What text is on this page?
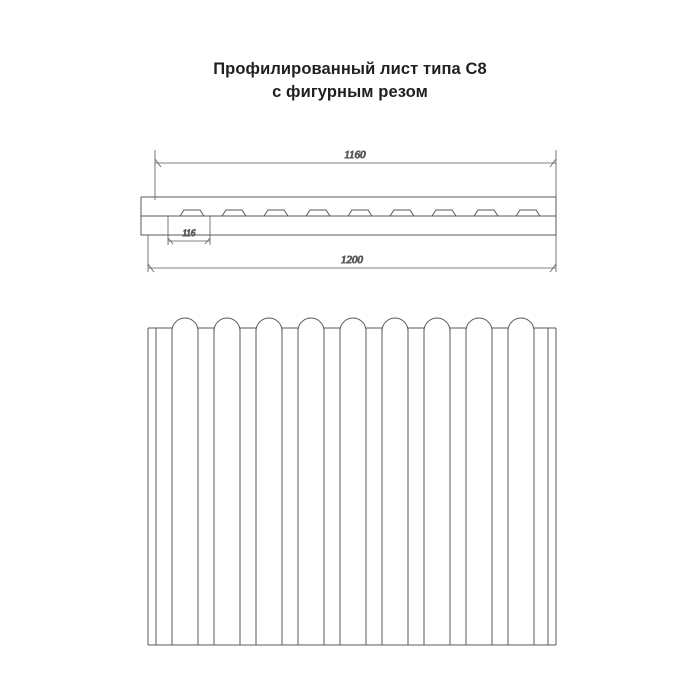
Профилированный лист типа С8
с фигурным резом
1160
116
1200
